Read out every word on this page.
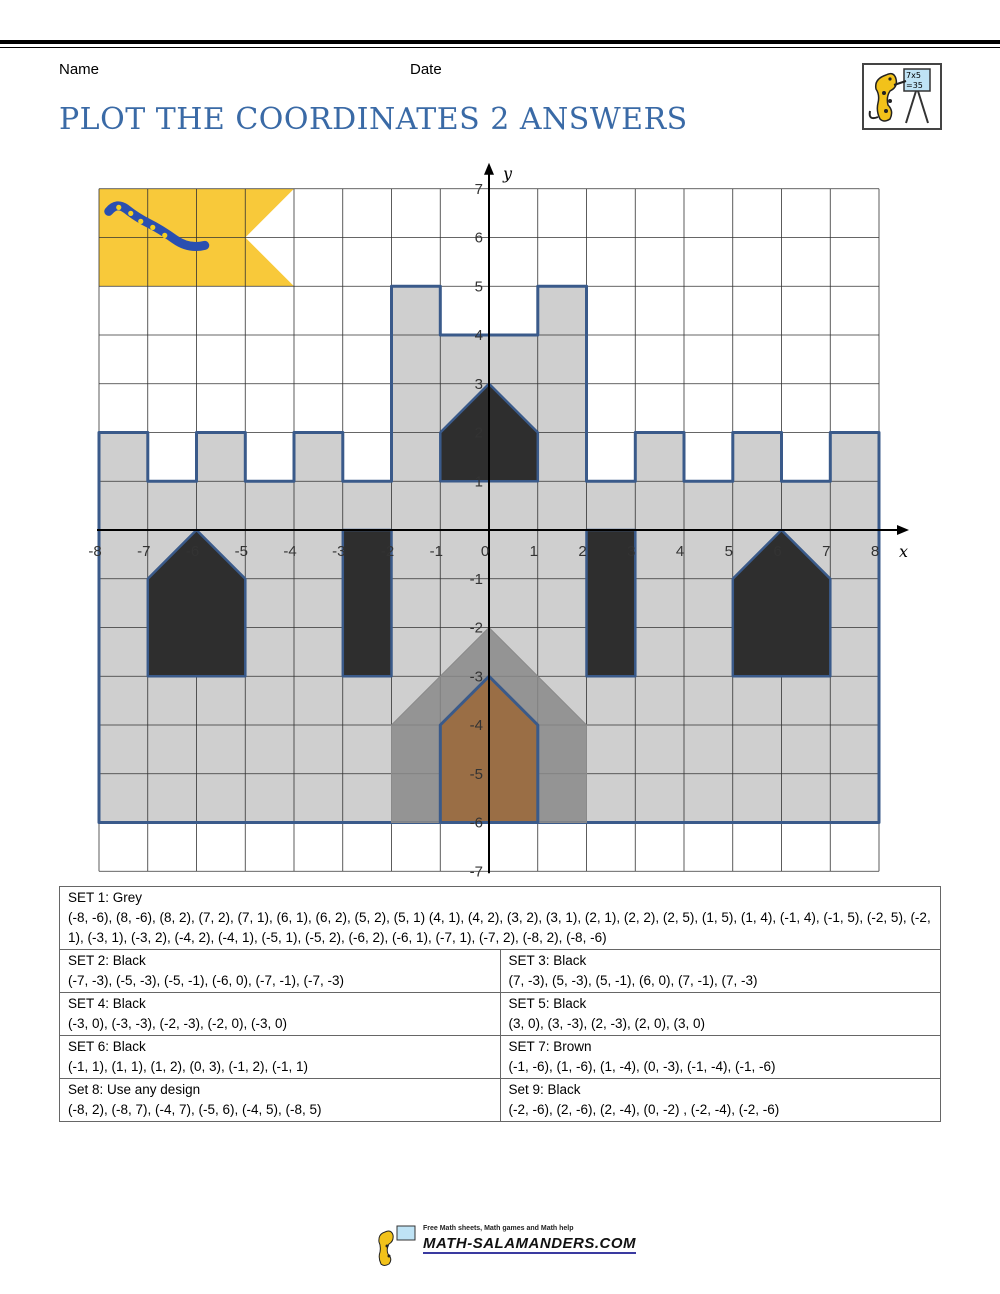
Name	Date
PLOT THE COORDINATES 2 ANSWERS
7x5
=35
x
y
-8 -7 -6 -5 -4 -3 -2 -1	0	1	2	3	4	5	6	7	8
-7
-6
-5
-4
-3
-2
-1
1
2
3
4
5
6
7
SET 1: Grey
(-8, -6), (8, -6), (8, 2), (7, 2), (7, 1), (6, 1), (6, 2), (5, 2), (5, 1) (4, 1), (4, 2), (3, 2), (3, 1), (2, 1), (2, 2), (2, 5), (1, 5), (1, 4), (-1, 4), (-1, 5), (-2, 5), (-2, 1), (-3, 1), (-3, 2), (-4, 2), (-4, 1), (-5, 1), (-5, 2), (-6, 2), (-6, 1), (-7, 1), (-7, 2), (-8, 2), (-8, -6)	

SET 2: Black
(-7, -3), (-5, -3), (-5, -1), (-6, 0), (-7, -1), (-7, -3)	SET 3: Black
(7, -3), (5, -3), (5, -1), (6, 0), (7, -1), (7, -3)

SET 4: Black
(-3, 0), (-3, -3), (-2, -3), (-2, 0), (-3, 0)	SET 5: Black
(3, 0), (3, -3), (2, -3), (2, 0), (3, 0)

SET 6: Black
(-1, 1), (1, 1), (1, 2), (0, 3), (-1, 2), (-1, 1)	SET 7: Brown
(-1, -6), (1, -6), (1, -4), (0, -3), (-1, -4), (-1, -6)

Set 8: Use any design
(-8, 2), (-8, 7), (-4, 7), (-5, 6), (-4, 5), (-8, 5)	Set 9: Black
(-2, -6), (2, -6), (2, -4), (0, -2) , (-2, -4), (-2, -6)
Free Math sheets, Math games and Math help
MATH-SALAMANDERS.COM
